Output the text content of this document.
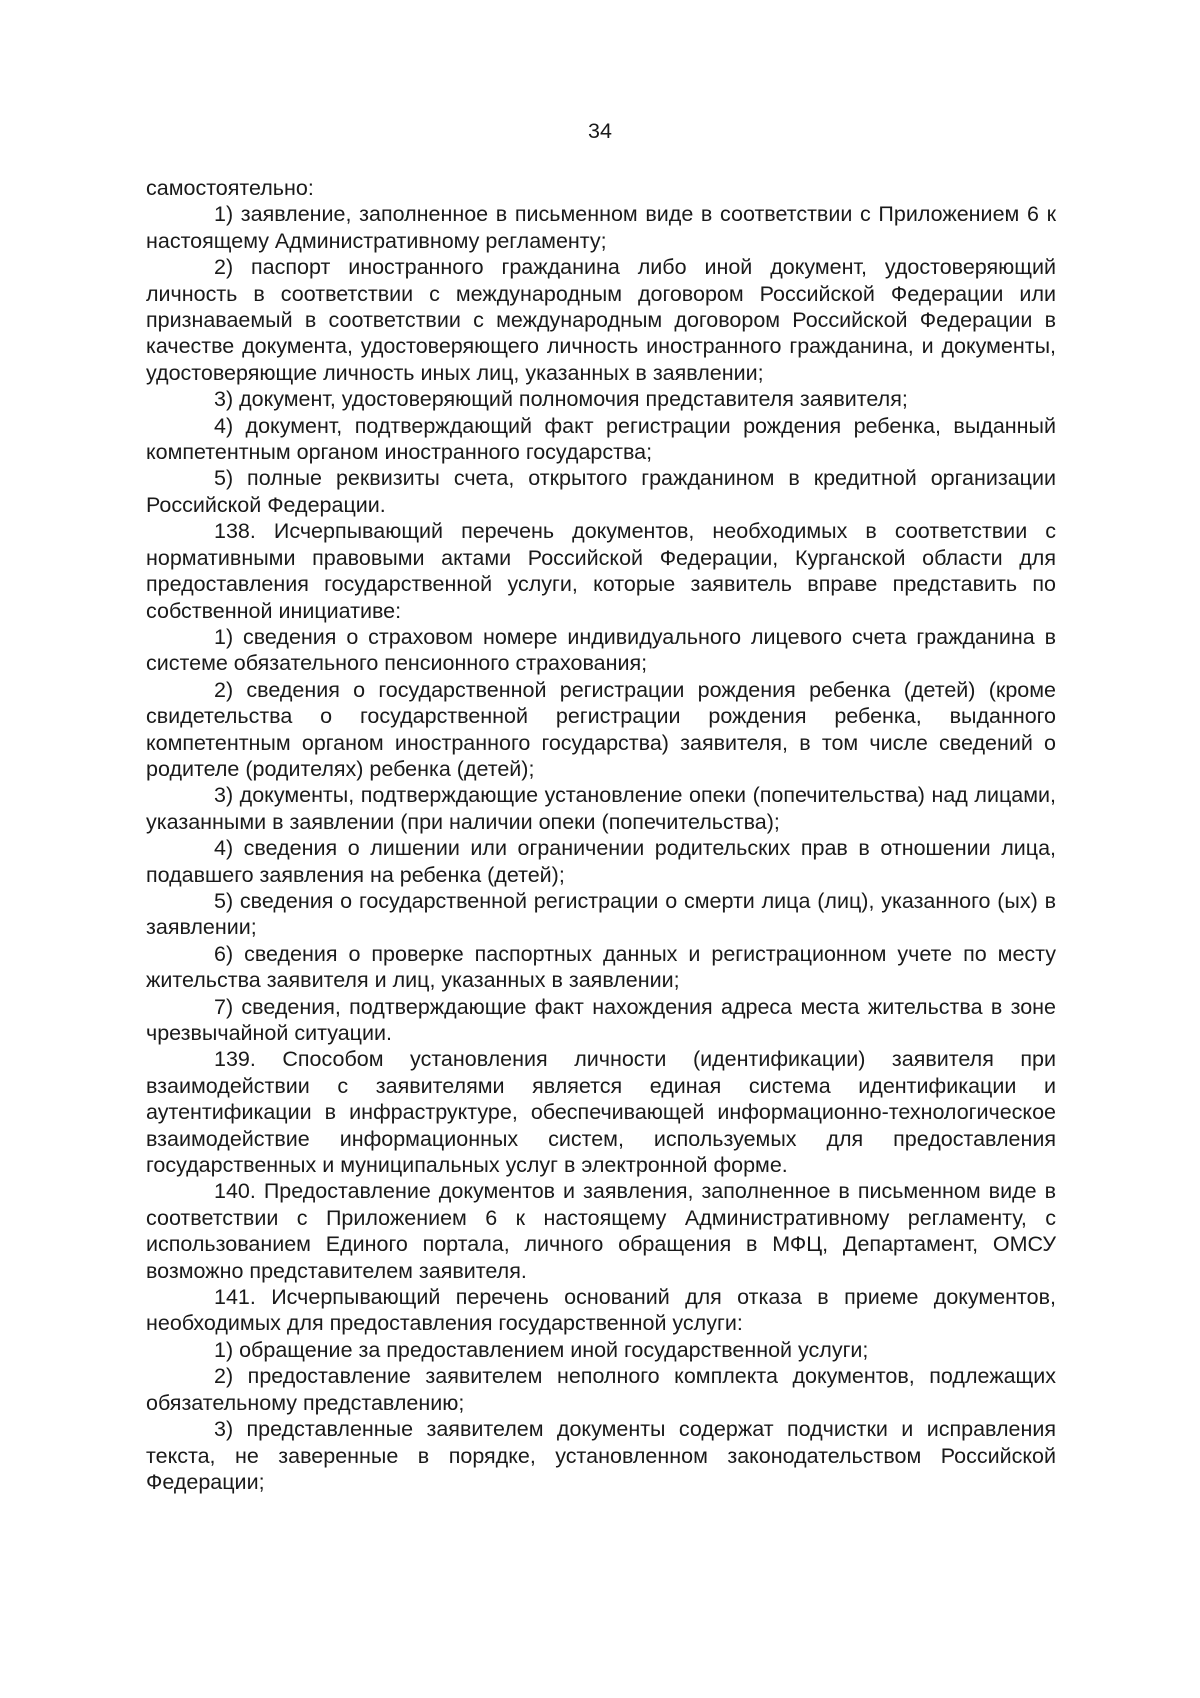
34

самостоятельно:

1) заявление, заполненное в письменном виде в соответствии с Приложением 6 к настоящему Административному регламенту;

2) паспорт иностранного гражданина либо иной документ, удостоверяющий личность в соответствии с международным договором Российской Федерации или признаваемый в соответствии с международным договором Российской Федерации в качестве документа, удостоверяющего личность иностранного гражданина, и документы, удостоверяющие личность иных лиц, указанных в заявлении;

3) документ, удостоверяющий полномочия представителя заявителя;

4) документ, подтверждающий факт регистрации рождения ребенка, выданный компетентным органом иностранного государства;

5) полные реквизиты счета, открытого гражданином в кредитной организации Российской Федерации.

138. Исчерпывающий перечень документов, необходимых в соответствии с нормативными правовыми актами Российской Федерации, Курганской области для предоставления государственной услуги, которые заявитель вправе представить по собственной инициативе:

1) сведения о страховом номере индивидуального лицевого счета гражданина в системе обязательного пенсионного страхования;

2) сведения о государственной регистрации рождения ребенка (детей) (кроме свидетельства о государственной регистрации рождения ребенка, выданного компетентным органом иностранного государства) заявителя, в том числе сведений о родителе (родителях) ребенка (детей);

3) документы, подтверждающие установление опеки (попечительства) над лицами, указанными в заявлении (при наличии опеки (попечительства);

4) сведения о лишении или ограничении родительских прав в отношении лица, подавшего заявления на ребенка (детей);

5) сведения о государственной регистрации о смерти лица (лиц), указанного (ых) в заявлении;

6) сведения о проверке паспортных данных и регистрационном учете по месту жительства заявителя и лиц, указанных в заявлении;

7) сведения, подтверждающие факт нахождения адреса места жительства в зоне чрезвычайной ситуации.

139. Способом установления личности (идентификации) заявителя при взаимодействии с заявителями является единая система идентификации и аутентификации в инфраструктуре, обеспечивающей информационно-технологическое взаимодействие информационных систем, используемых для предоставления государственных и муниципальных услуг в электронной форме.

140. Предоставление документов и заявления, заполненное в письменном виде в соответствии с Приложением 6 к настоящему Административному регламенту, с использованием Единого портала, личного обращения в МФЦ, Департамент, ОМСУ возможно представителем заявителя.

141. Исчерпывающий перечень оснований для отказа в приеме документов, необходимых для предоставления государственной услуги:

1) обращение за предоставлением иной государственной услуги;

2) предоставление заявителем неполного комплекта документов, подлежащих обязательному представлению;

3) представленные заявителем документы содержат подчистки и исправления текста, не заверенные в порядке, установленном законодательством Российской Федерации;
